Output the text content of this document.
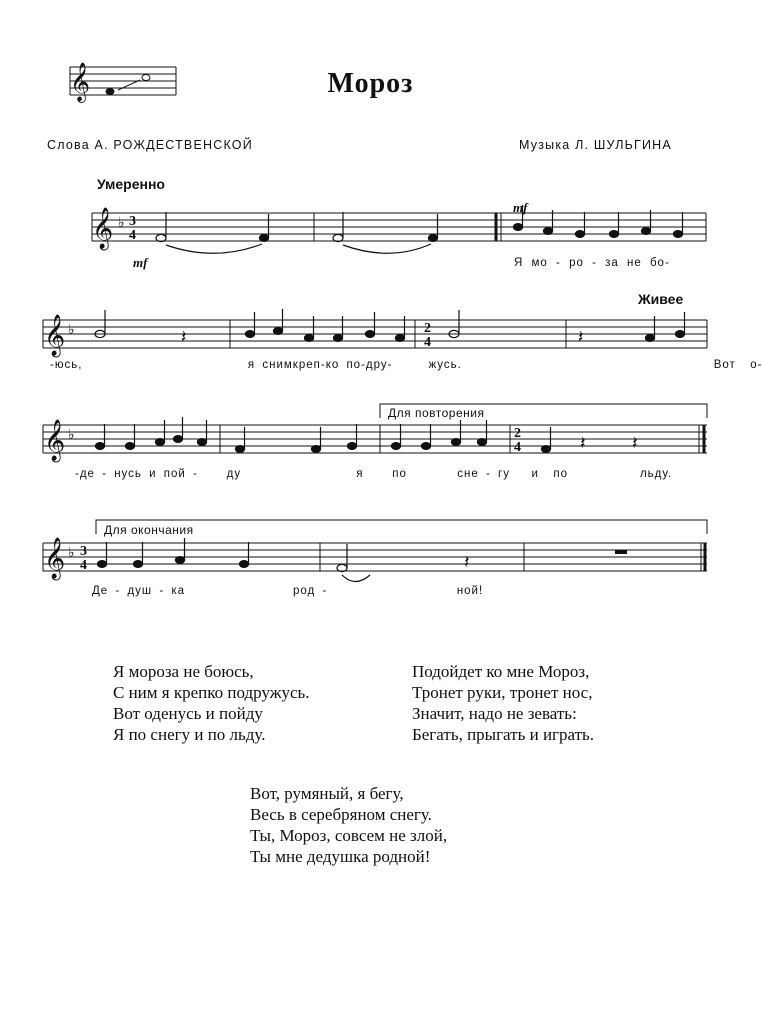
Мороз
Слова А. РОЖДЕСТВЕНСКОЙ	Музыка Л. ШУЛЬГИНА
Умеренно
Живее
mf
mf
Для повторения
Для окончания
𝄞
𝄞
𝄞
𝄞
𝄞
♭
♭
♭
♭
3
4
2
4
2
4
3
4
𝄽	𝄽
𝄽	𝄽
𝄽
Я мо - ро - за не бо-
-юсь,	я снимкреп-ко по-дру-	жусь.	Вот о-
-де - нусь и пой -	ду	я	по	сне - гу и по	льду.
Де - душ - ка	род -	ной!
Я мороза не боюсь,
С ним я крепко подружусь.
Вот оденусь и пойду
Я по снегу и по льду.
Подойдет ко мне Мороз,
Тронет руки, тронет нос,
Значит, надо не зевать:
Бегать, прыгать и играть.
Вот, румяный, я бегу,
Весь в серебряном снегу.
Ты, Мороз, совсем не злой,
Ты мне дедушка родной!
